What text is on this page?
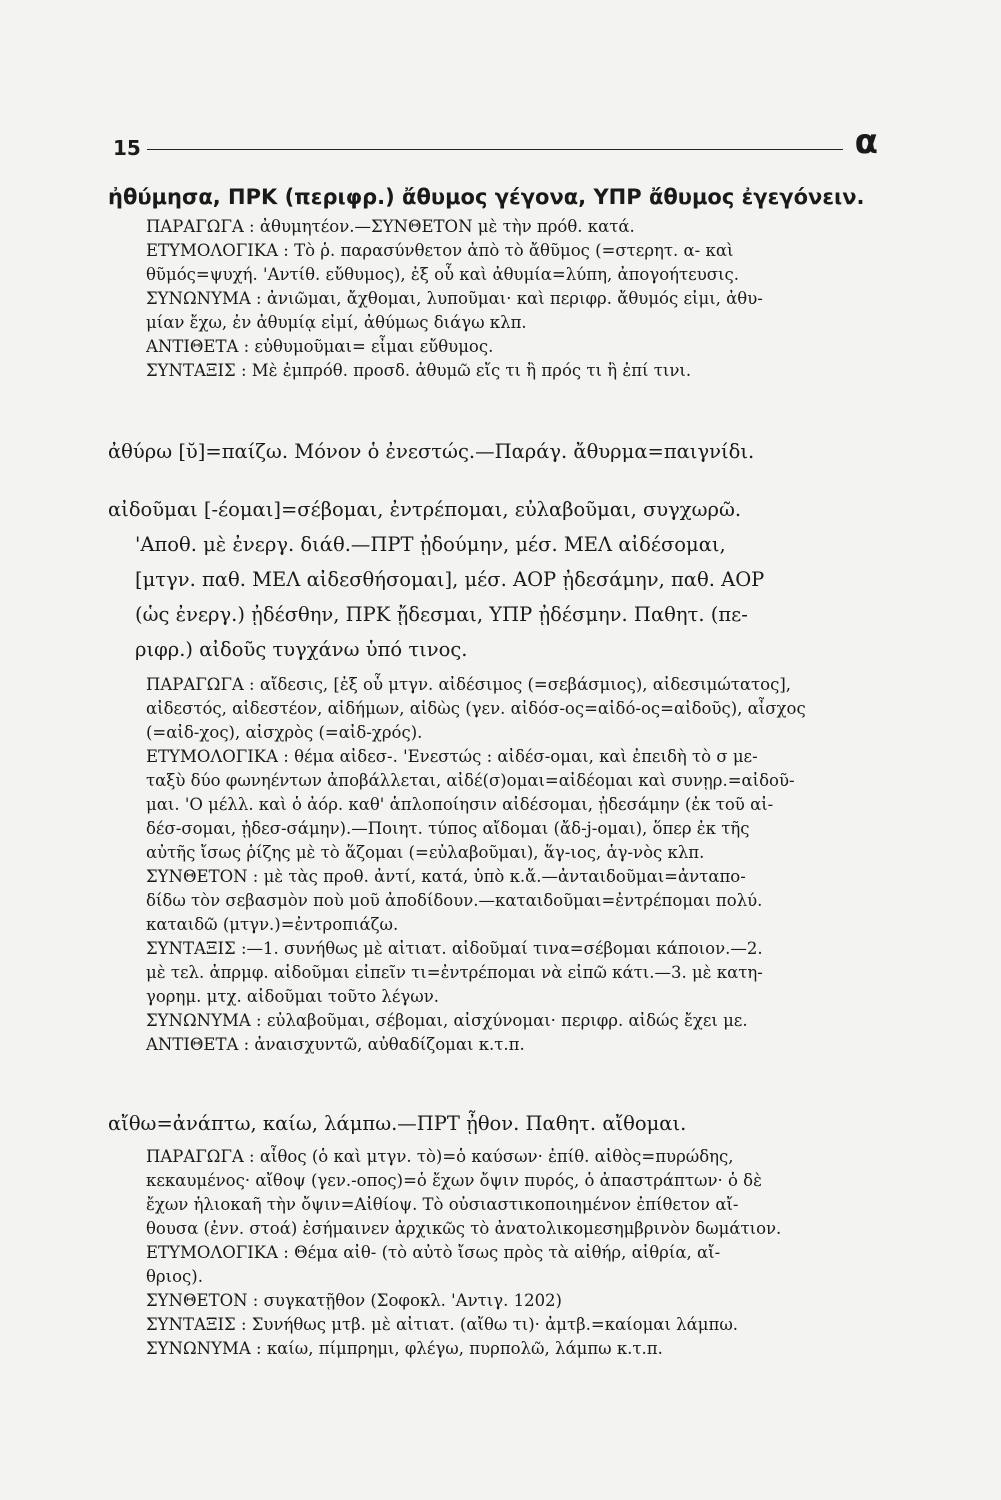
15	α

ἠθύμησα, ΠΡΚ (περιφρ.) ἄθυμος γέγονα, ΥΠΡ ἄθυμος ἐγεγόνειν.

ΠΑΡΑΓΩΓΑ : ἀθυμητέον.—ΣΥΝΘΕΤΟΝ μὲ τὴν πρόθ. κατά.

ΕΤΥΜΟΛΟΓΙΚΑ : Τὸ ῥ. παρασύνθετον ἀπὸ τὸ ἄθῦμος (=στερητ. α- καὶ

θῦμός=ψυχή. 'Αντίθ. εὔθυμος), ἐξ οὗ καὶ ἀθυμία=λύπη, ἀπογοήτευσις.

ΣΥΝΩΝΥΜΑ : ἀνιῶμαι, ἄχθομαι, λυποῦμαι· καὶ περιφρ. ἄθυμός εἰμι, ἀθυ-

μίαν ἔχω, ἐν ἀθυμίᾳ εἰμί, ἀθύμως διάγω κλπ.

ΑΝΤΙΘΕΤΑ : εὐθυμοῦμαι= εἶμαι εὔθυμος.

ΣΥΝΤΑΞΙΣ : Μὲ ἐμπρόθ. προσδ. ἀθυμῶ εἴς τι ἢ πρός τι ἢ ἐπί τινι.

ἀθύρω [ῠ]=παίζω. Μόνον ὁ ἐνεστώς.—Παράγ. ἄθυρμα=παιγνίδι.

αἰδοῦμαι [-έομαι]=σέβομαι, ἐντρέπομαι, εὐλαβοῦμαι, συγχωρῶ.

'Αποθ. μὲ ἐνεργ. διάθ.—ΠΡΤ ᾐδούμην, μέσ. ΜΕΛ αἰδέσομαι,

[μτγν. παθ. ΜΕΛ αἰδεσθήσομαι], μέσ. ΑΟΡ ᾐδεσάμην, παθ. ΑΟΡ

(ὡς ἐνεργ.) ᾐδέσθην, ΠΡΚ ᾔδεσμαι, ΥΠΡ ᾐδέσμην. Παθητ. (πε-

ριφρ.) αἰδοῦς τυγχάνω ὑπό τινος.

ΠΑΡΑΓΩΓΑ : αἴδεσις, [ἐξ οὗ μτγν. αἰδέσιμος (=σεβάσμιος), αἰδεσιμώτατος],

αἰδεστός, αἰδεστέον, αἰδήμων, αἰδὼς (γεν. αἰδόσ-ος=αἰδό-ος=αἰδοῦς), αἶσχος

(=αἰδ-χος), αἰσχρὸς (=αἰδ-χρός).

ΕΤΥΜΟΛΟΓΙΚΑ : θέμα αἰδεσ-. 'Ενεστώς : αἰδέσ-ομαι, καὶ ἐπειδὴ τὸ σ με-

ταξὺ δύο φωνηέντων ἀποβάλλεται, αἰδέ(σ)ομαι=αἰδέομαι καὶ συνῃρ.=αἰδοῦ-

μαι. 'Ο μέλλ. καὶ ὁ ἀόρ. καθ' ἁπλοποίησιν αἰδέσομαι, ᾐδεσάμην (ἐκ τοῦ αἰ-

δέσ-σομαι, ᾐδεσ-σάμην).—Ποιητ. τύπος αἴδομαι (ἄδ-j-ομαι), ὅπερ ἐκ τῆς

αὐτῆς ἴσως ῥίζης μὲ τὸ ἅζομαι (=εὐλαβοῦμαι), ἅγ-ιος, ἁγ-νὸς κλπ.

ΣΥΝΘΕΤΟΝ : μὲ τὰς προθ. ἀντί, κατά, ὑπὸ κ.ἄ.—ἀνταιδοῦμαι=ἀνταπο-

δίδω τὸν σεβασμὸν ποὺ μοῦ ἀποδίδουν.—καταιδοῦμαι=ἐντρέπομαι πολύ.

καταιδῶ (μτγν.)=ἐντροπιάζω.

ΣΥΝΤΑΞΙΣ :—1. συνήθως μὲ αἰτιατ. αἰδοῦμαί τινα=σέβομαι κάποιον.—2.

μὲ τελ. ἀπρμφ. αἰδοῦμαι εἰπεῖν τι=ἐντρέπομαι νὰ εἰπῶ κάτι.—3. μὲ κατη-

γορημ. μτχ. αἰδοῦμαι τοῦτο λέγων.

ΣΥΝΩΝΥΜΑ : εὐλαβοῦμαι, σέβομαι, αἰσχύνομαι· περιφρ. αἰδώς ἔχει με.

ΑΝΤΙΘΕΤΑ : ἀναισχυντῶ, αὐθαδίζομαι κ.τ.π.

αἴθω=ἀνάπτω, καίω, λάμπω.—ΠΡΤ ᾖθον. Παθητ. αἴθομαι.

ΠΑΡΑΓΩΓΑ : αἶθος (ὁ καὶ μτγν. τὸ)=ὁ καύσων· ἐπίθ. αἰθὸς=πυρώδης,

κεκαυμένος· αἴθοψ (γεν.-οπος)=ὁ ἔχων ὄψιν πυρός, ὁ ἀπαστράπτων· ὁ δὲ

ἔχων ἡλιοκαῆ τὴν ὄψιν=Αἰθίοψ. Τὸ οὐσιαστικοποιημένον ἐπίθετον αἴ-

θουσα (ἐνν. στοά) ἐσήμαινεν ἀρχικῶς τὸ ἀνατολικομεσημβρινὸν δωμάτιον.

ΕΤΥΜΟΛΟΓΙΚΑ : Θέμα αἰθ- (τὸ αὐτὸ ἴσως πρὸς τὰ αἰθήρ, αἰθρία, αἴ-

θριος).

ΣΥΝΘΕΤΟΝ : συγκατῇθον (Σοφοκλ. 'Αντιγ. 1202)

ΣΥΝΤΑΞΙΣ : Συνήθως μτβ. μὲ αἰτιατ. (αἴθω τι)· ἀμτβ.=καίομαι λάμπω.

ΣΥΝΩΝΥΜΑ : καίω, πίμπρημι, φλέγω, πυρπολῶ, λάμπω κ.τ.π.
